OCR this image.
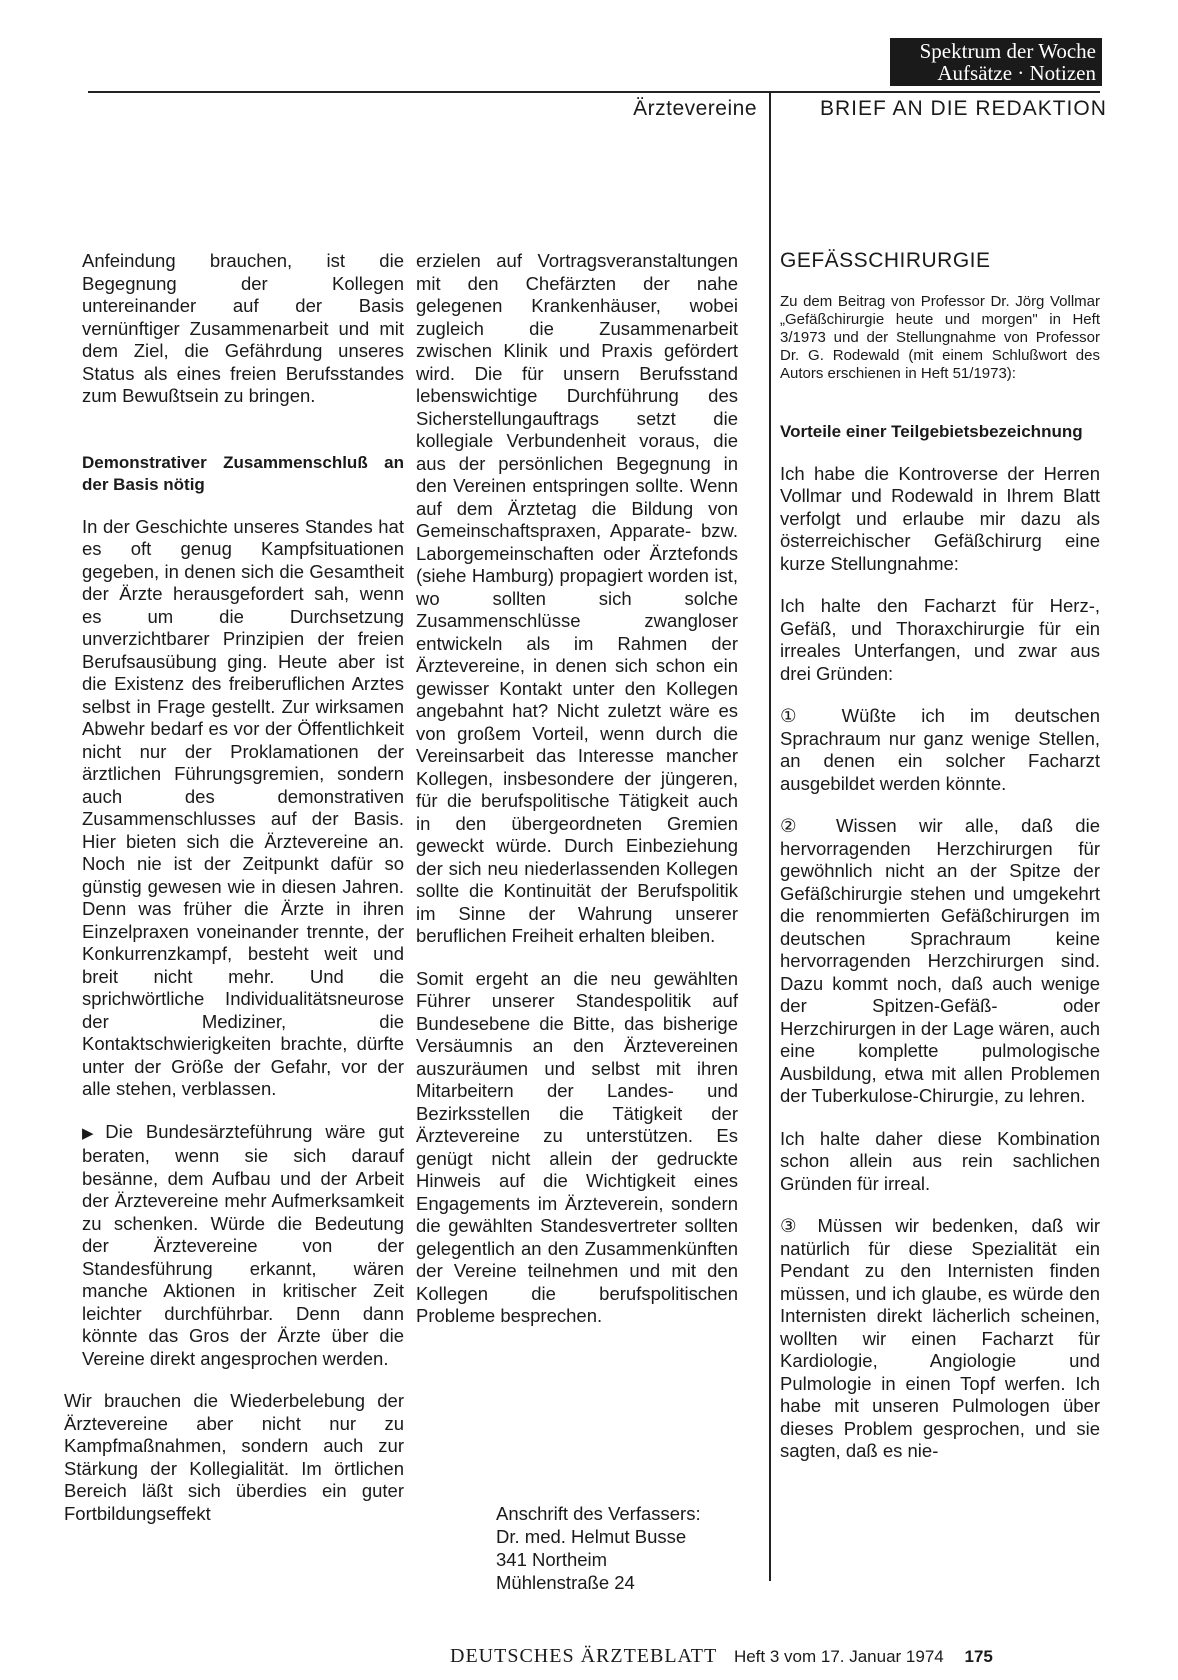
Spektrum der Woche
Aufsätze · Notizen
Ärztevereine	BRIEF AN DIE REDAKTION

Anfeindung brauchen, ist die Begegnung der Kollegen untereinander auf der Basis vernünftiger Zusammenarbeit und mit dem Ziel, die Gefährdung unseres Status als eines freien Berufsstandes zum Bewußtsein zu bringen.

Demonstrativer Zusammenschluß an der Basis nötig

In der Geschichte unseres Standes hat es oft genug Kampfsituationen gegeben, in denen sich die Gesamtheit der Ärzte herausgefordert sah, wenn es um die Durchsetzung unverzichtbarer Prinzipien der freien Berufsausübung ging. Heute aber ist die Existenz des freiberuflichen Arztes selbst in Frage gestellt. Zur wirksamen Abwehr bedarf es vor der Öffentlichkeit nicht nur der Proklamationen der ärztlichen Führungsgremien, sondern auch des demonstrativen Zusammenschlusses auf der Basis. Hier bieten sich die Ärztevereine an. Noch nie ist der Zeitpunkt dafür so günstig gewesen wie in diesen Jahren. Denn was früher die Ärzte in ihren Einzelpraxen voneinander trennte, der Konkurrenzkampf, besteht weit und breit nicht mehr. Und die sprichwörtliche Individualitätsneurose der Mediziner, die Kontaktschwierigkeiten brachte, dürfte unter der Größe der Gefahr, vor der alle stehen, verblassen.

▶ Die Bundesärzteführung wäre gut beraten, wenn sie sich darauf besänne, dem Aufbau und der Arbeit der Ärztevereine mehr Aufmerksamkeit zu schenken. Würde die Bedeutung der Ärztevereine von der Standesführung erkannt, wären manche Aktionen in kritischer Zeit leichter durchführbar. Denn dann könnte das Gros der Ärzte über die Vereine direkt angesprochen werden.

Wir brauchen die Wiederbelebung der Ärztevereine aber nicht nur zu Kampfmaßnahmen, sondern auch zur Stärkung der Kollegialität. Im örtlichen Bereich läßt sich überdies ein guter Fortbildungseffekt

erzielen auf Vortragsveranstaltungen mit den Chefärzten der nahe gelegenen Krankenhäuser, wobei zugleich die Zusammenarbeit zwischen Klinik und Praxis gefördert wird. Die für unsern Berufsstand lebenswichtige Durchführung des Sicherstellungauftrags setzt die kollegiale Verbundenheit voraus, die aus der persönlichen Begegnung in den Vereinen entspringen sollte. Wenn auf dem Ärztetag die Bildung von Gemeinschaftspraxen, Apparate- bzw. Laborgemeinschaften oder Ärztefonds (siehe Hamburg) propagiert worden ist, wo sollten sich solche Zusammenschlüsse zwangloser entwickeln als im Rahmen der Ärztevereine, in denen sich schon ein gewisser Kontakt unter den Kollegen angebahnt hat? Nicht zuletzt wäre es von großem Vorteil, wenn durch die Vereinsarbeit das Interesse mancher Kollegen, insbesondere der jüngeren, für die berufspolitische Tätigkeit auch in den übergeordneten Gremien geweckt würde. Durch Einbeziehung der sich neu niederlassenden Kollegen sollte die Kontinuität der Berufspolitik im Sinne der Wahrung unserer beruflichen Freiheit erhalten bleiben.

Somit ergeht an die neu gewählten Führer unserer Standespolitik auf Bundesebene die Bitte, das bisherige Versäumnis an den Ärztevereinen auszuräumen und selbst mit ihren Mitarbeitern der Landes- und Bezirksstellen die Tätigkeit der Ärztevereine zu unterstützen. Es genügt nicht allein der gedruckte Hinweis auf die Wichtigkeit eines Engagements im Ärzteverein, sondern die gewählten Standesvertreter sollten gelegentlich an den Zusammenkünften der Vereine teilnehmen und mit den Kollegen die berufspolitischen Probleme besprechen.

Anschrift des Verfassers:
Dr. med. Helmut Busse
341 Northeim
Mühlenstraße 24

GEFÄSSCHIRURGIE

Zu dem Beitrag von Professor Dr. Jörg Vollmar „Gefäßchirurgie heute und morgen" in Heft 3/1973 und der Stellungnahme von Professor Dr. G. Rodewald (mit einem Schlußwort des Autors erschienen in Heft 51/1973):

Vorteile einer Teilgebietsbezeichnung

Ich habe die Kontroverse der Herren Vollmar und Rodewald in Ihrem Blatt verfolgt und erlaube mir dazu als österreichischer Gefäßchirurg eine kurze Stellungnahme:

Ich halte den Facharzt für Herz-, Gefäß, und Thoraxchirurgie für ein irreales Unterfangen, und zwar aus drei Gründen:

① Wüßte ich im deutschen Sprachraum nur ganz wenige Stellen, an denen ein solcher Facharzt ausgebildet werden könnte.

② Wissen wir alle, daß die hervorragenden Herzchirurgen für gewöhnlich nicht an der Spitze der Gefäßchirurgie stehen und umgekehrt die renommierten Gefäßchirurgen im deutschen Sprachraum keine hervorragenden Herzchirurgen sind. Dazu kommt noch, daß auch wenige der Spitzen-Gefäß- oder Herzchirurgen in der Lage wären, auch eine komplette pulmologische Ausbildung, etwa mit allen Problemen der Tuberkulose-Chirurgie, zu lehren.

Ich halte daher diese Kombination schon allein aus rein sachlichen Gründen für irreal.

③ Müssen wir bedenken, daß wir natürlich für diese Spezialität ein Pendant zu den Internisten finden müssen, und ich glaube, es würde den Internisten direkt lächerlich scheinen, wollten wir einen Facharzt für Kardiologie, Angiologie und Pulmologie in einen Topf werfen. Ich habe mit unseren Pulmologen über dieses Problem gesprochen, und sie sagten, daß es nie-

DEUTSCHES ÄRZTEBLATT Heft 3 vom 17. Januar 1974 175
